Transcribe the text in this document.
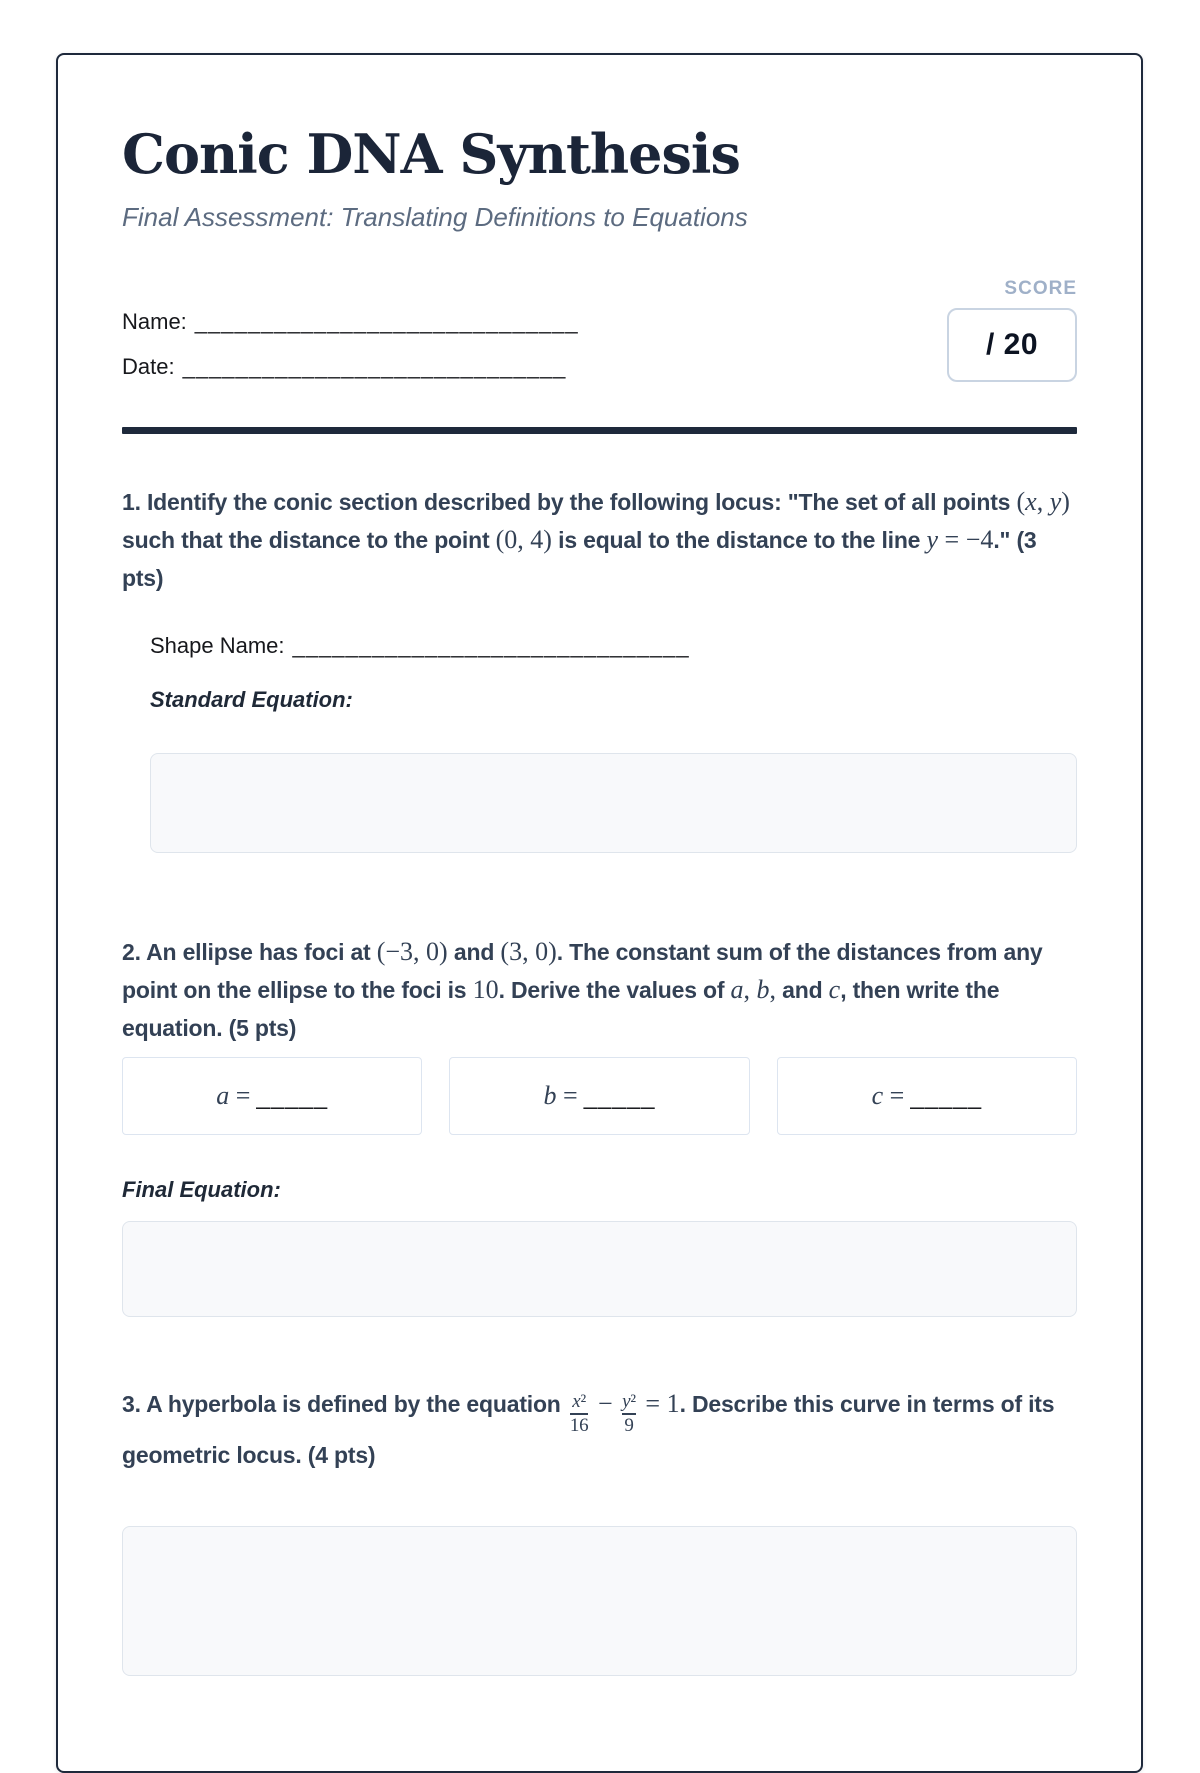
Conic DNA Synthesis
Final Assessment: Translating Definitions to Equations
Name: _____________________________
Date: _____________________________
SCORE
/ 20

1. Identify the conic section described by the following locus: "The set of all points (x, y) such that the distance to the point (0, 4) is equal to the distance to the line y = −4." (3 pts)

Shape Name: ______________________________
Standard Equation:

2. An ellipse has foci at (−3, 0) and (3, 0). The constant sum of the distances from any point on the ellipse to the foci is 10. Derive the values of a, b, and c, then write the equation. (5 pts)

a = _____	b = _____	c = _____
Final Equation:

3. A hyperbola is defined by the equation $\frac{\text{x²}}{16} - \frac{\text{y²}}{9} = 1$. Describe this curve in terms of its geometric locus. (4 pts)
